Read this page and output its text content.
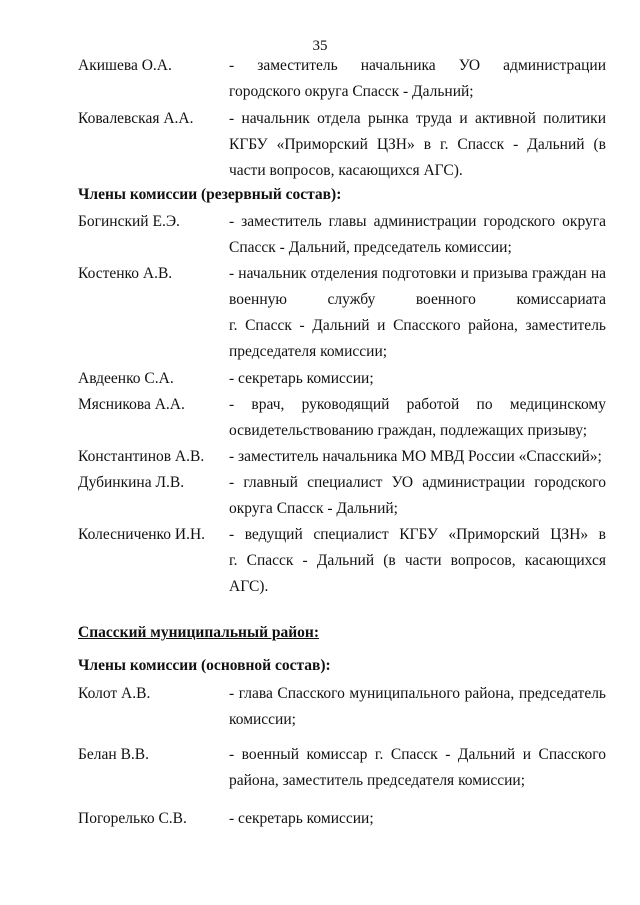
35
Акишева О.А.	- заместитель начальника УО администрации
городского округа Спасск - Дальний;
Ковалевская А.А. - начальник отдела рынка труда и активной политики
КГБУ «Приморский ЦЗН» в г. Спасск - Дальний (в
части вопросов, касающихся АГС).
Члены комиссии (резервный состав):
Богинский Е.Э.	- заместитель главы администрации городского округа
Спасск - Дальний, председатель комиссии;
Костенко А.В.	- начальник отделения подготовки и призыва граждан на
военную службу военного комиссариата
г. Спасск - Дальний и Спасского района, заместитель
председателя комиссии;
Авдеенко С.А.	- секретарь комиссии;
Мясникова А.А.	- врач, руководящий работой по медицинскому
освидетельствованию граждан, подлежащих призыву;
Константинов А.В. - заместитель начальника МО МВД России «Спасский»;
Дубинкина Л.В.	- главный специалист УО администрации городского
округа Спасск - Дальний;
Колесниченко И.Н. - ведущий специалист КГБУ «Приморский ЦЗН» в
г. Спасск - Дальний (в части вопросов, касающихся
АГС).
Спасский муниципальный район:
Члены комиссии (основной состав):
Колот А.В.	- глава Спасского муниципального района, председатель
комиссии;
Белан В.В.	- военный комиссар г. Спасск - Дальний и Спасского
района, заместитель председателя комиссии;
Погорелько С.В.	- секретарь комиссии;
